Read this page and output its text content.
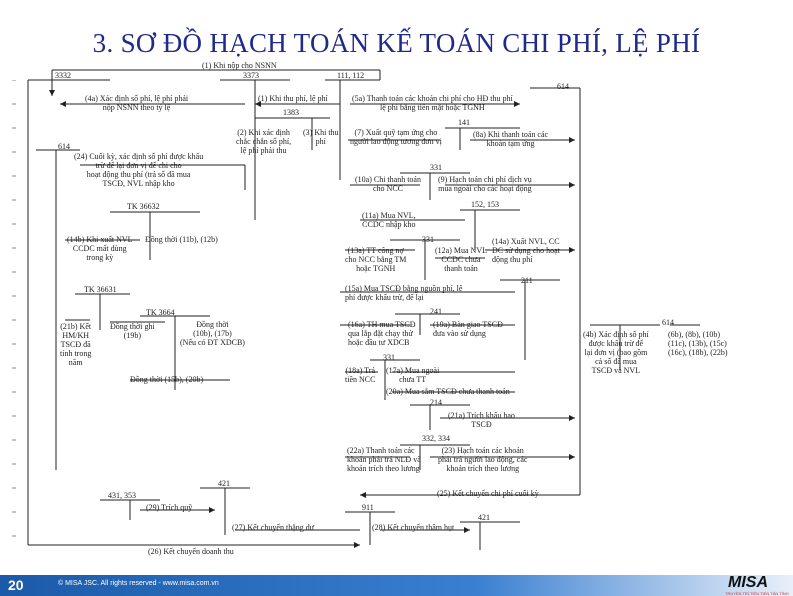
3. SƠ ĐỒ HẠCH TOÁN KẾ TOÁN CHI PHÍ, LỆ PHÍ
3332	3373	111, 112
614
1383
141
614
331
152, 153
TK 36632
331
211
TK 36631
TK 3664	241
331
614
214
332, 334
421
431, 353
911
421
(1) Khi nộp cho NSNN
(4a) Xác định số phí, lệ phí phải
nộp NSNN theo tỷ lệ
(1) Khi thu phí, lệ phí	(5a) Thanh toán các khoản chi phí cho HĐ thu phí
lệ phí bằng tiền mặt hoặc TGNH
(2) Khi xác định
chắc chắn số phí,
lệ phí phải thu
(3) Khi thu
phí
(7) Xuất quỹ tạm ứng cho
người lao động tương đơn vị
(8a) Khi thanh toán các
khoản tạm ứng
(24) Cuối kỳ, xác định số phí được khấu
trừ để lại đơn vị để chi cho
hoạt động thu phí (trả số đã mua
TSCĐ, NVL nhập kho	(10a) Chi thanh toán
cho NCC
(9) Hạch toán chi phí dịch vụ
mua ngoài cho các hoạt động
(11a) Mua NVL,
CCDC nhập kho
(14b) Khi xuất NVL
CCDC mất dùng
trong kỳ
Đồng thời (11b), (12b)
(13a) TT công nợ
cho NCC bằng TM
hoặc TGNH
(12a) Mua NVL
CCDC chưa
thanh toán
(14a) Xuất NVL, CC
DC sử dụng cho hoạt
động thu phí
(15a) Mua TSCĐ bằng nguồn phí, lệ
phí được khấu trừ, để lại
(21b) Kết
HM/KH
TSCĐ đã
tính trong
năm
Đồng thời ghi
(19b)
Đồng thời
(10b), (17b)
(Nếu có ĐT XDCB)
(16a) TH mua TSCĐ
qua lắp đặt chạy thử
hoặc đầu tư XDCB
(19a) Bàn giao TSCĐ
đưa vào sử dụng	(4b) Xác định số phí
được khấu trừ để
lại đơn vị (bao gồm
cả số đã mua
TSCĐ và NVL
(6b), (8b), (10b)
(11c), (13b), (15c)
(16c), (18b), (22b)
(18a) Trả
tiền NCC
(17a) Mua ngoài
chưa TT
(20a) Mua sắm TSCĐ chưa thanh toán
Đồng thời (15b), (20b)
(21a) Trích khấu hao
TSCĐ
(22a) Thanh toán các
khoản phải trả NLĐ và
khoản trích theo lương
(23) Hạch toán các khoản
phải trả người lao động, các
khoản trích theo lương
(25) Kết chuyển chi phí cuối kỳ
(29) Trích quỹ
(27) Kết chuyển thặng dư	(28) Kết chuyển thâm hụt
(26) Kết chuyển doanh thu
20	© MISA JSC. All rights reserved - www.misa.com.vn	MISA
TRUYỀN TRÍ TIÊN TIẾN TÂN TÌNH
